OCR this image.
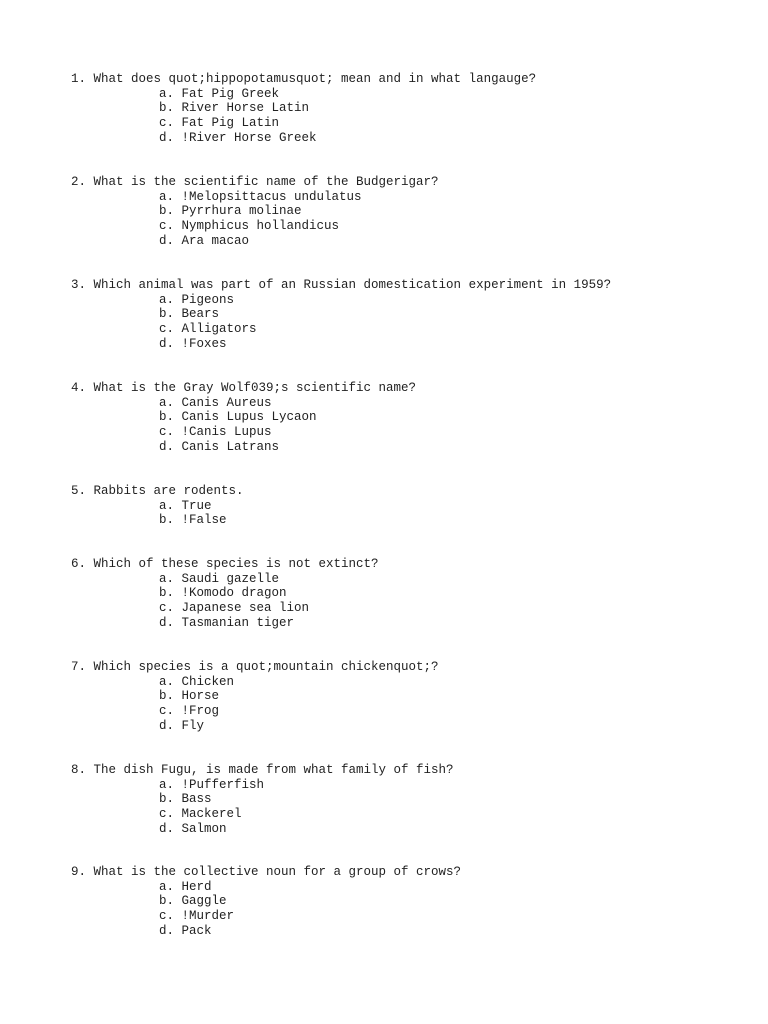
1. What does quot;hippopotamusquot; mean and in what langauge?
a. Fat Pig Greek
b. River Horse Latin
c. Fat Pig Latin
d. !River Horse Greek
2. What is the scientific name of the Budgerigar?
a. !Melopsittacus undulatus
b. Pyrrhura molinae
c. Nymphicus hollandicus
d. Ara macao
3. Which animal was part of an Russian domestication experiment in 1959?
a. Pigeons
b. Bears
c. Alligators
d. !Foxes
4. What is the Gray Wolf039;s scientific name?
a. Canis Aureus
b. Canis Lupus Lycaon
c. !Canis Lupus
d. Canis Latrans
5. Rabbits are rodents.
a. True
b. !False
6. Which of these species is not extinct?
a. Saudi gazelle
b. !Komodo dragon
c. Japanese sea lion
d. Tasmanian tiger
7. Which species is a quot;mountain chickenquot;?
a. Chicken
b. Horse
c. !Frog
d. Fly
8. The dish Fugu, is made from what family of fish?
a. !Pufferfish
b. Bass
c. Mackerel
d. Salmon
9. What is the collective noun for a group of crows?
a. Herd
b. Gaggle
c. !Murder
d. Pack
